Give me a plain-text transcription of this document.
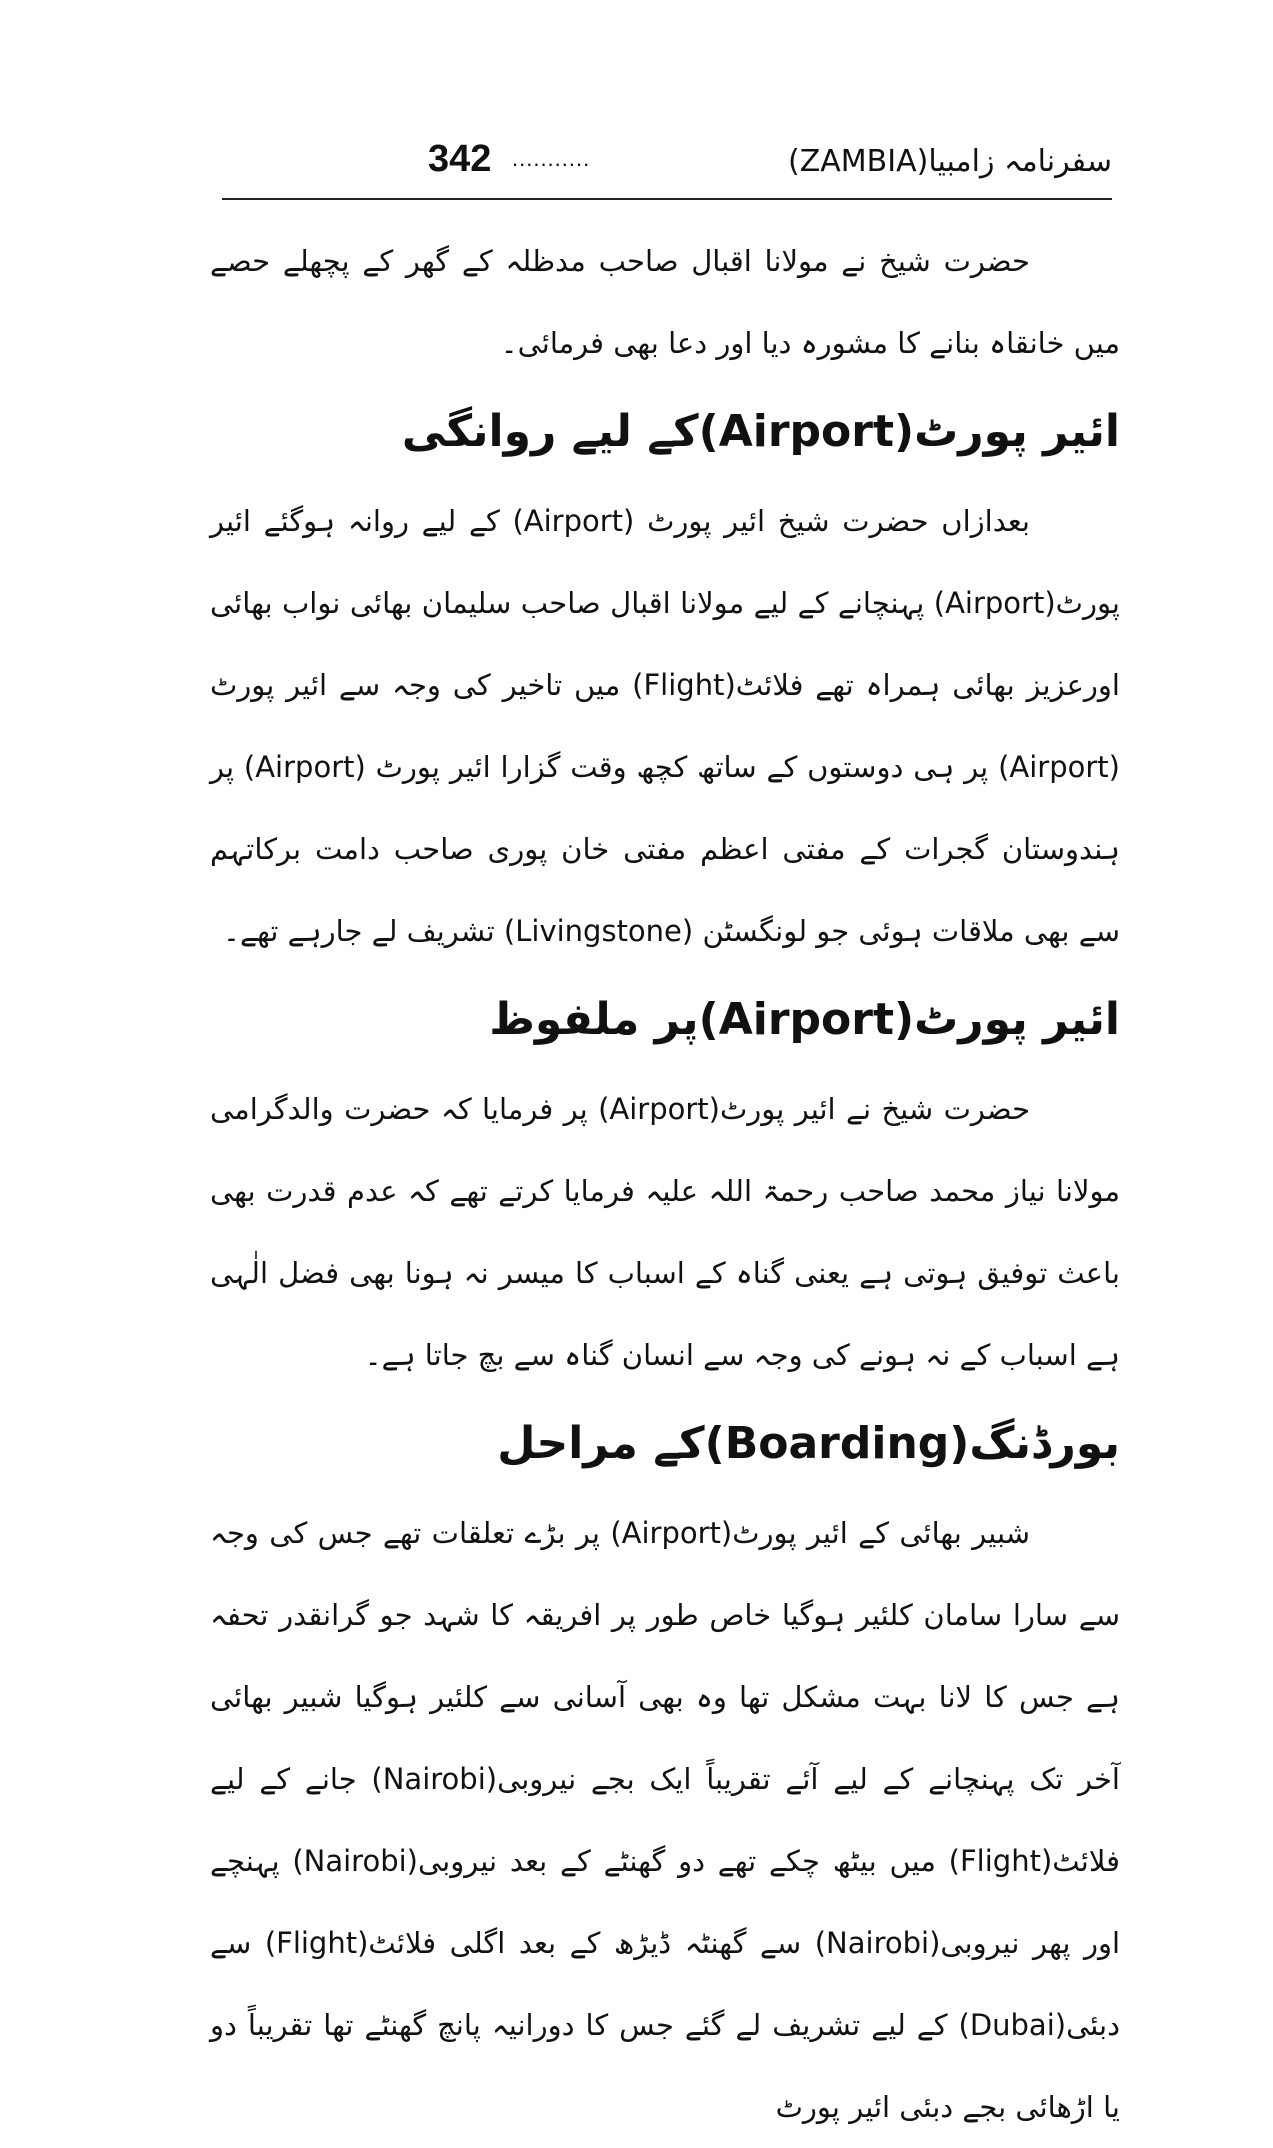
342 ...........	سفرنامہ زامبیا(ZAMBIA)

حضرت شیخ نے مولانا اقبال صاحب مدظلہ کے گھر کے پچھلے حصے میں خانقاہ بنانے کا مشورہ دیا اور دعا بھی فرمائی۔

ائیر پورٹ(Airport)کے لیے روانگی

بعدازاں حضرت شیخ ائیر پورٹ (Airport) کے لیے روانہ ہوگئے ائیر پورٹ(Airport) پہنچانے کے لیے مولانا اقبال صاحب سلیمان بھائی نواب بھائی اورعزیز بھائی ہمراہ تھے فلائٹ(Flight) میں تاخیر کی وجہ سے ائیر پورٹ (Airport) پر ہی دوستوں کے ساتھ کچھ وقت گزارا ائیر پورٹ (Airport) پر ہندوستان گجرات کے مفتی اعظم مفتی خان پوری صاحب دامت برکاتہم سے بھی ملاقات ہوئی جو لونگسٹن (Livingstone) تشریف لے جارہے تھے۔

ائیر پورٹ(Airport)پر ملفوظ

حضرت شیخ نے ائیر پورٹ(Airport) پر فرمایا کہ حضرت والدگرامی مولانا نیاز محمد صاحب رحمۃ اللہ علیہ فرمایا کرتے تھے کہ عدم قدرت بھی باعث توفیق ہوتی ہے یعنی گناہ کے اسباب کا میسر نہ ہونا بھی فضل الٰہی ہے اسباب کے نہ ہونے کی وجہ سے انسان گناہ سے بچ جاتا ہے۔

بورڈنگ(Boarding)کے مراحل

شبیر بھائی کے ائیر پورٹ(Airport) پر بڑے تعلقات تھے جس کی وجہ سے سارا سامان کلئیر ہوگیا خاص طور پر افریقہ کا شہد جو گرانقدر تحفہ ہے جس کا لانا بہت مشکل تھا وہ بھی آسانی سے کلئیر ہوگیا شبیر بھائی آخر تک پہنچانے کے لیے آئے تقریباً ایک بجے نیروبی(Nairobi) جانے کے لیے فلائٹ(Flight) میں بیٹھ چکے تھے دو گھنٹے کے بعد نیروبی(Nairobi) پہنچے اور پھر نیروبی(Nairobi) سے گھنٹہ ڈیڑھ کے بعد اگلی فلائٹ(Flight) سے دبئی(Dubai) کے لیے تشریف لے گئے جس کا دورانیہ پانچ گھنٹے تھا تقریباً دو یا اڑھائی بجے دبئی ائیر پورٹ
